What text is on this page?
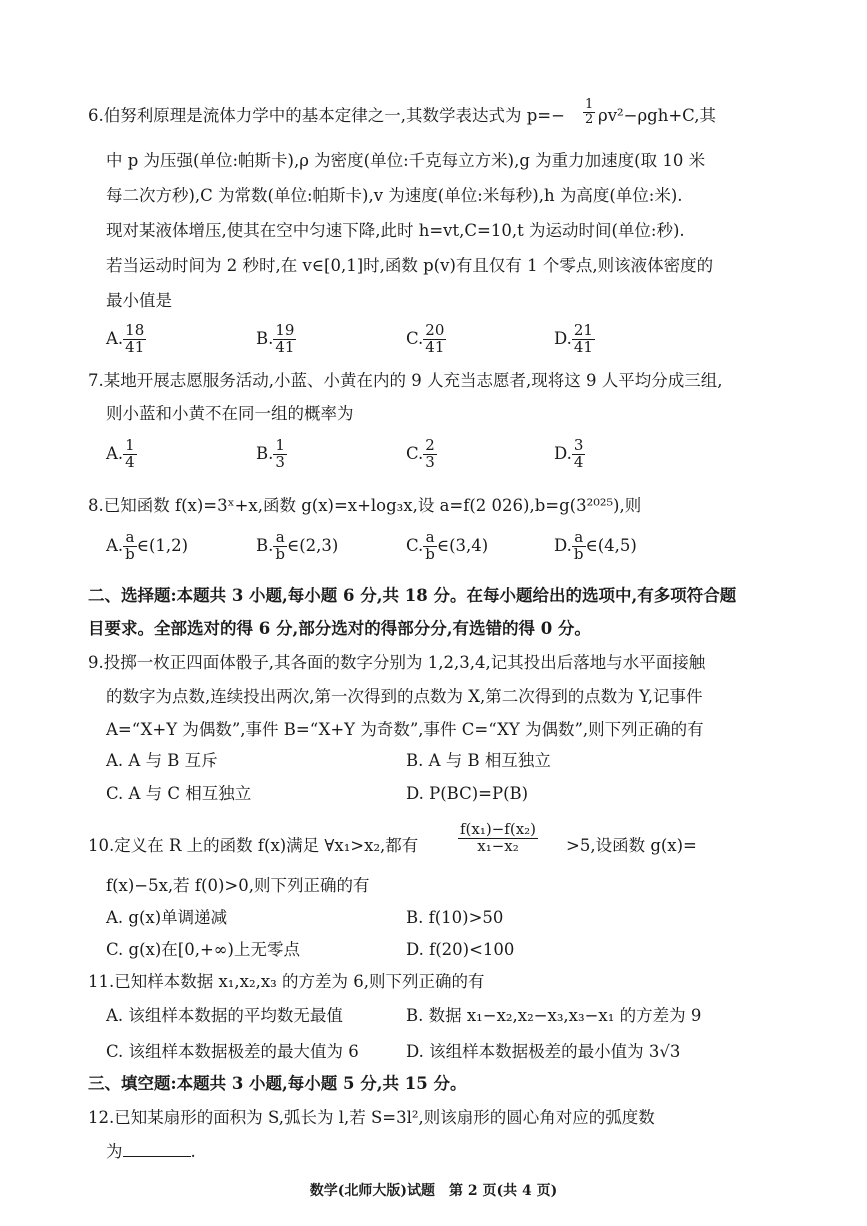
6.伯努利原理是流体力学中的基本定律之一,其数学表达式为 $p=- \frac{1}{2} \rho v^2-\rho gh+C$,其
中 p 为压强(单位:帕斯卡),ρ 为密度(单位:千克每立方米),g 为重力加速度(取 10 米
每二次方秒),C 为常数(单位:帕斯卡),v 为速度(单位:米每秒),h 为高度(单位:米).
现对某液体增压,使其在空中匀速下降,此时 h=vt,C=10,t 为运动时间(单位:秒).
若当运动时间为 2 秒时,在 v∈[0,1]时,函数 p(v)有且仅有 1 个零点,则该液体密度的
最小值是
A. $\frac{18}{41}$	B. $\frac{19}{41}$	C. $\frac{20}{41}$	D. $\frac{21}{41}$
7.某地开展志愿服务活动,小蓝、小黄在内的 9 人充当志愿者,现将这 9 人平均分成三组,
则小蓝和小黄不在同一组的概率为
A. $\frac{1}{4}$	B. $\frac{1}{3}$	C. $\frac{2}{3}$	D. $\frac{3}{4}$
8.已知函数 f(x)=3ˣ+x,函数 g(x)=x+log₃x,设 a=f(2 026),b=g(3²⁰²⁵),则
A. $\frac{a}{b}$ ∈(1,2)	B. $\frac{a}{b}$ ∈(2,3)	C. $\frac{a}{b}$ ∈(3,4)	D. $\frac{a}{b}$ ∈(4,5)
二、选择题:本题共 3 小题,每小题 6 分,共 18 分。在每小题给出的选项中,有多项符合题
目要求。全部选对的得 6 分,部分选对的得部分分,有选错的得 0 分。
9.投掷一枚正四面体骰子,其各面的数字分别为 1,2,3,4,记其投出后落地与水平面接触
的数字为点数,连续投出两次,第一次得到的点数为 X,第二次得到的点数为 Y,记事件
A=“X+Y 为偶数”,事件 B=“X+Y 为奇数”,事件 C=“XY 为偶数”,则下列正确的有
A. A 与 B 互斥	B. A 与 B 相互独立
C. A 与 C 相互独立	D. P(BC)=P(B)
10.定义在 R 上的函数 f(x)满足 ∀x₁>x₂,都有	$\frac{\text{f(x₁)−f(x₂)}}{\text{x₁−x₂}} >5$,设函数 g(x)=
f(x)−5x,若 f(0)>0,则下列正确的有
A. g(x)单调递减	B. f(10)>50
C. g(x)在[0,+∞)上无零点	D. f(20)<100
11.已知样本数据 x₁,x₂,x₃ 的方差为 6,则下列正确的有
A. 该组样本数据的平均数无最值	B. 数据 x₁−x₂,x₂−x₃,x₃−x₁ 的方差为 9
C. 该组样本数据极差的最大值为 6	D. 该组样本数据极差的最小值为 3√3
三、填空题:本题共 3 小题,每小题 5 分,共 15 分。
12.已知某扇形的面积为 S,弧长为 l,若 S=3l²,则该扇形的圆心角对应的弧度数
为	.
数学(北师大版)试题　第 2 页(共 4 页)
